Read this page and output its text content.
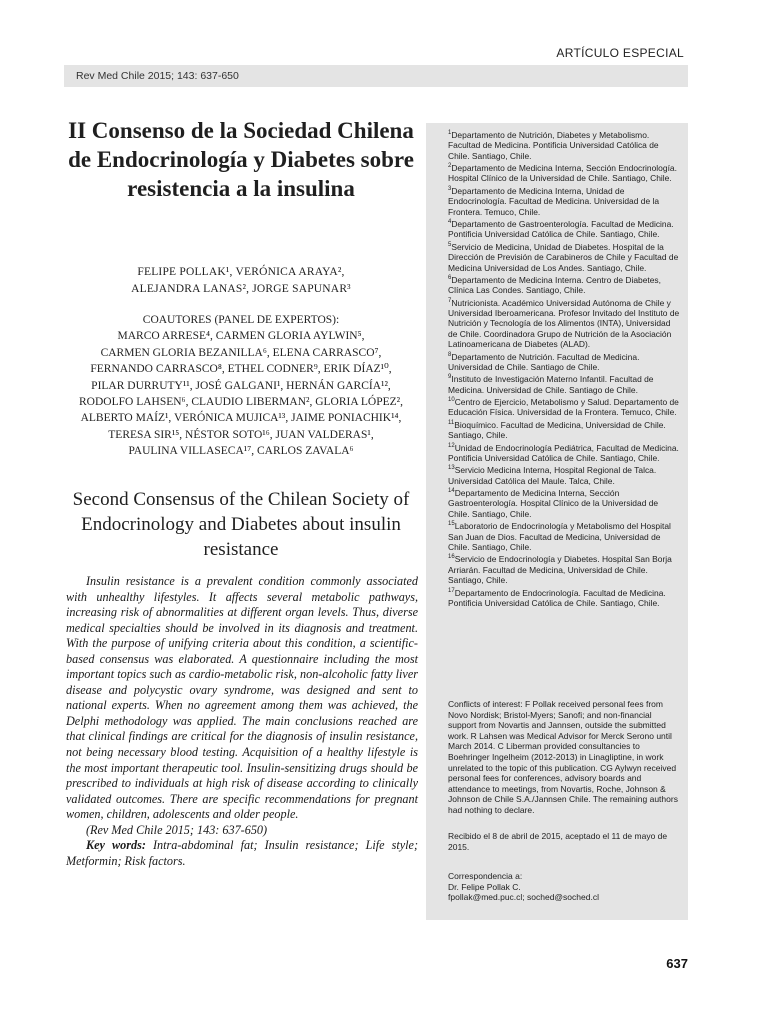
ARTÍCULO ESPECIAL
Rev Med Chile 2015; 143: 637-650
II Consenso de la Sociedad Chilena de Endocrinología y Diabetes sobre resistencia a la insulina
FELIPE POLLAK¹, VERÓNICA ARAYA²,
ALEJANDRA LANAS², JORGE SAPUNAR³
COAUTORES (PANEL DE EXPERTOS):
MARCO ARRESE⁴, CARMEN GLORIA AYLWIN⁵,
CARMEN GLORIA BEZANILLA⁶, ELENA CARRASCO⁷,
FERNANDO CARRASCO⁸, ETHEL CODNER⁹, ERIK DÍAZ¹⁰,
PILAR DURRUTY¹¹, JOSÉ GALGANI¹, HERNÁN GARCÍA¹²,
RODOLFO LAHSEN⁶, CLAUDIO LIBERMAN², GLORIA LÓPEZ²,
ALBERTO MAÍZ¹, VERÓNICA MUJICA¹³, JAIME PONIACHIK¹⁴,
TERESA SIR¹⁵, NÉSTOR SOTO¹⁶, JUAN VALDERAS¹,
PAULINA VILLASECA¹⁷, CARLOS ZAVALA⁶
Second Consensus of the Chilean Society of Endocrinology and Diabetes about insulin resistance

Insulin resistance is a prevalent condition commonly associated with unhealthy lifestyles. It affects several metabolic pathways, increasing risk of abnormalities at different organ levels. Thus, diverse medical specialties should be involved in its diagnosis and treatment. With the purpose of unifying criteria about this condition, a scientific-based consensus was elaborated. A questionnaire including the most important topics such as cardio-metabolic risk, non-alcoholic fatty liver disease and polycystic ovary syndrome, was designed and sent to national experts. When no agreement among them was achieved, the Delphi methodology was applied. The main conclusions reached are that clinical findings are critical for the diagnosis of insulin resistance, not being necessary blood testing. Acquisition of a healthy lifestyle is the most important therapeutic tool. Insulin-sensitizing drugs should be prescribed to individuals at high risk of disease according to clinically validated outcomes. There are specific recommendations for pregnant women, children, adolescents and older people.

(Rev Med Chile 2015; 143: 637-650)

Key words: Intra-abdominal fat; Insulin resistance; Life style; Metformin; Risk factors.

$^1$Departamento de Nutrición, Diabetes y Metabolismo. Facultad de Medicina. Pontificia Universidad Católica de Chile. Santiago, Chile.

$^2$Departamento de Medicina Interna, Sección Endocrinología. Hospital Clínico de la Universidad de Chile. Santiago, Chile.

$^3$Departamento de Medicina Interna, Unidad de Endocrinología. Facultad de Medicina. Universidad de la Frontera. Temuco, Chile.

$^4$Departamento de Gastroenterología. Facultad de Medicina. Pontificia Universidad Católica de Chile. Santiago, Chile.

$^5$Servicio de Medicina, Unidad de Diabetes. Hospital de la Dirección de Previsión de Carabineros de Chile y Facultad de Medicina Universidad de Los Andes. Santiago, Chile.

$^6$Departamento de Medicina Interna. Centro de Diabetes, Clínica Las Condes. Santiago, Chile.

$^7$Nutricionista. Académico Universidad Autónoma de Chile y Universidad Iberoamericana. Profesor Invitado del Instituto de Nutrición y Tecnología de los Alimentos (INTA), Universidad de Chile. Coordinadora Grupo de Nutrición de la Asociación Latinoamericana de Diabetes (ALAD).

$^8$Departamento de Nutrición. Facultad de Medicina. Universidad de Chile. Santiago de Chile.

$^9$Instituto de Investigación Materno Infantil. Facultad de Medicina. Universidad de Chile. Santiago de Chile.

$^{10}$Centro de Ejercicio, Metabolismo y Salud. Departamento de Educación Física. Universidad de la Frontera. Temuco, Chile.

$^{11}$Bioquímico. Facultad de Medicina, Universidad de Chile. Santiago, Chile.

$^{12}$Unidad de Endocrinología Pediátrica, Facultad de Medicina. Pontificia Universidad Católica de Chile. Santiago, Chile.

$^{13}$Servicio Medicina Interna, Hospital Regional de Talca. Universidad Católica del Maule. Talca, Chile.

$^{14}$Departamento de Medicina Interna, Sección Gastroenterología. Hospital Clínico de la Universidad de Chile. Santiago, Chile.

$^{15}$Laboratorio de Endocrinología y Metabolismo del Hospital San Juan de Dios. Facultad de Medicina, Universidad de Chile. Santiago, Chile.

$^{16}$Servicio de Endocrinología y Diabetes. Hospital San Borja Arriarán. Facultad de Medicina, Universidad de Chile. Santiago, Chile.

$^{17}$Departamento de Endocrinología. Facultad de Medicina. Pontificia Universidad Católica de Chile. Santiago, Chile.

Conflicts of interest: F Pollak received personal fees from Novo Nordisk; Bristol-Myers; Sanofi; and non-financial support from Novartis and Jannsen, outside the submitted work. R Lahsen was Medical Advisor for Merck Serono until March 2014. C Liberman provided consultancies to Boehringer Ingelheim (2012-2013) in Linagliptine, in work unrelated to the topic of this publication. CG Aylwyn received personal fees for conferences, advisory boards and attendance to meetings, from Novartis, Roche, Johnson & Johnson de Chile S.A./Jannsen Chile. The remaining authors had nothing to declare.
Recibido el 8 de abril de 2015, aceptado el 11 de mayo de 2015.
Correspondencia a:
Dr. Felipe Pollak C.
fpollak@med.puc.cl; soched@soched.cl
637
